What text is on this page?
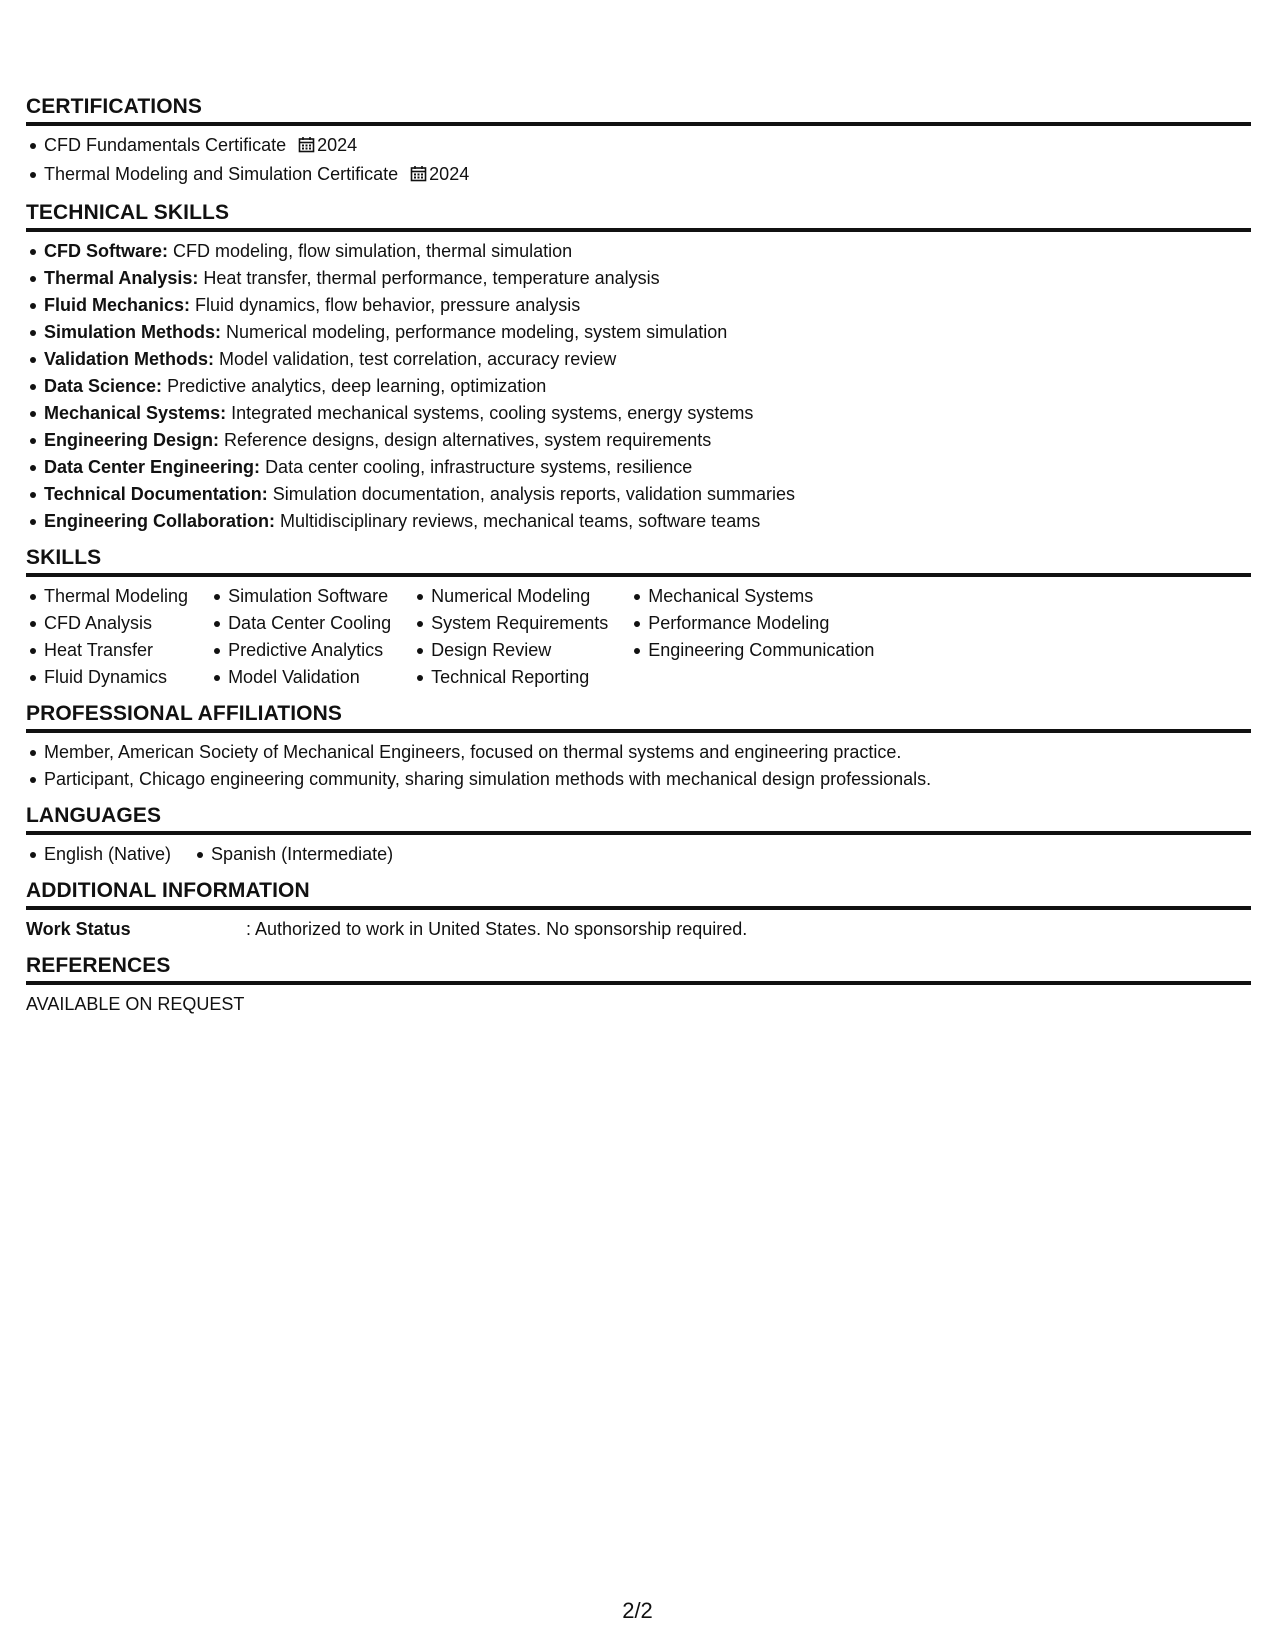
CERTIFICATIONS
CFD Fundamentals Certificate 2024
Thermal Modeling and Simulation Certificate 2024
TECHNICAL SKILLS
CFD Software: CFD modeling, flow simulation, thermal simulation
Thermal Analysis: Heat transfer, thermal performance, temperature analysis
Fluid Mechanics: Fluid dynamics, flow behavior, pressure analysis
Simulation Methods: Numerical modeling, performance modeling, system simulation
Validation Methods: Model validation, test correlation, accuracy review
Data Science: Predictive analytics, deep learning, optimization
Mechanical Systems: Integrated mechanical systems, cooling systems, energy systems
Engineering Design: Reference designs, design alternatives, system requirements
Data Center Engineering: Data center cooling, infrastructure systems, resilience
Technical Documentation: Simulation documentation, analysis reports, validation summaries
Engineering Collaboration: Multidisciplinary reviews, mechanical teams, software teams
SKILLS
Thermal Modeling
CFD Analysis
Heat Transfer
Fluid Dynamics
Simulation Software
Data Center Cooling
Predictive Analytics
Model Validation
Numerical Modeling
System Requirements
Design Review
Technical Reporting
Mechanical Systems
Performance Modeling
Engineering Communication
PROFESSIONAL AFFILIATIONS
Member, American Society of Mechanical Engineers, focused on thermal systems and engineering practice.
Participant, Chicago engineering community, sharing simulation methods with mechanical design professionals.
LANGUAGES
English (Native)	Spanish (Intermediate)
ADDITIONAL INFORMATION
Work Status	: Authorized to work in United States. No sponsorship required.
REFERENCES
AVAILABLE ON REQUEST
2/2
